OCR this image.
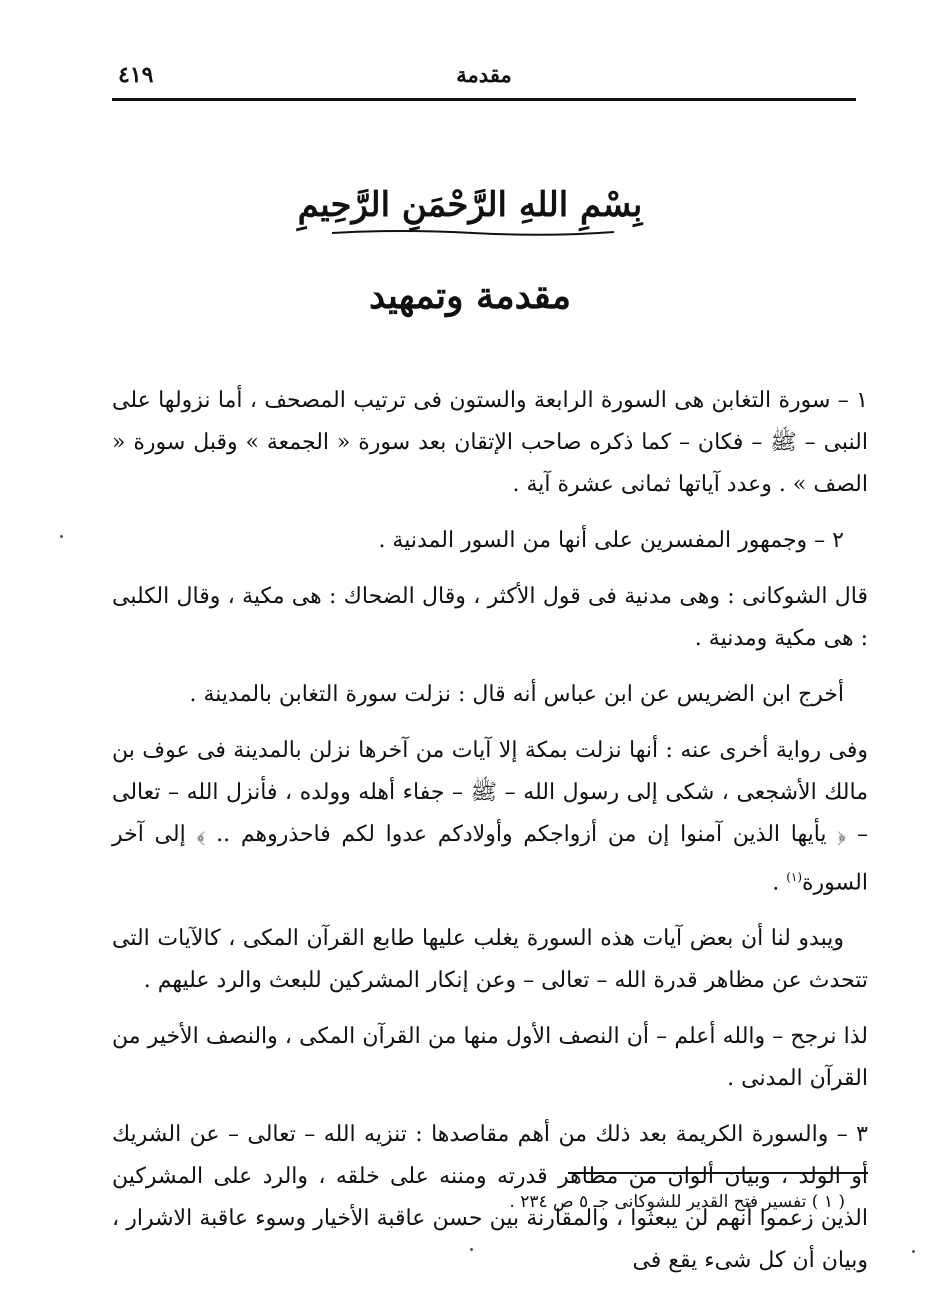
٤١٩	مقدمة
بِسْمِ اللهِ الرَّحْمَنِ الرَّحِيمِ
مقدمة وتمهيد

١ – سورة التغابن هى السورة الرابعة والستون فى ترتيب المصحف ، أما نزولها على النبى – ﷺ – فكان – كما ذكره صاحب الإتقان بعد سورة « الجمعة » وقبل سورة « الصف » . وعدد آياتها ثمانى عشرة آية .

٢ – وجمهور المفسرين على أنها من السور المدنية .

قال الشوكانى : وهى مدنية فى قول الأكثر ، وقال الضحاك : هى مكية ، وقال الكلبى : هى مكية ومدنية .

أخرج ابن الضريس عن ابن عباس أنه قال : نزلت سورة التغابن بالمدينة .

وفى رواية أخرى عنه : أنها نزلت بمكة إلا آيات من آخرها نزلن بالمدينة فى عوف بن مالك الأشجعى ، شكى إلى رسول الله – ﷺ – جفاء أهله وولده ، فأنزل الله – تعالى – ﴿ يأيها الذين آمنوا إن من أزواجكم وأولادكم عدوا لكم فاحذروهم .. ﴾ إلى آخر السورة$^{(١)}$ .

ويبدو لنا أن بعض آيات هذه السورة يغلب عليها طابع القرآن المكى ، كالآيات التى تتحدث عن مظاهر قدرة الله – تعالى – وعن إنكار المشركين للبعث والرد عليهم .

لذا نرجح – والله أعلم – أن النصف الأول منها من القرآن المكى ، والنصف الأخير من القرآن المدنى .

٣ – والسورة الكريمة بعد ذلك من أهم مقاصدها : تنزيه الله – تعالى – عن الشريك أو الولد ، وبيان ألوان من مظاهر قدرته ومننه على خلقه ، والرد على المشركين الذين زعموا أنهم لن يبعثوا ، والمقارنة بين حسن عاقبة الأخيار وسوء عاقبة الاشرار ، وبيان أن كل شىء يقع فى

( ١ ) تفسير فتح القدير للشوكانى جـ ٥ ص ٢٣٤ .
